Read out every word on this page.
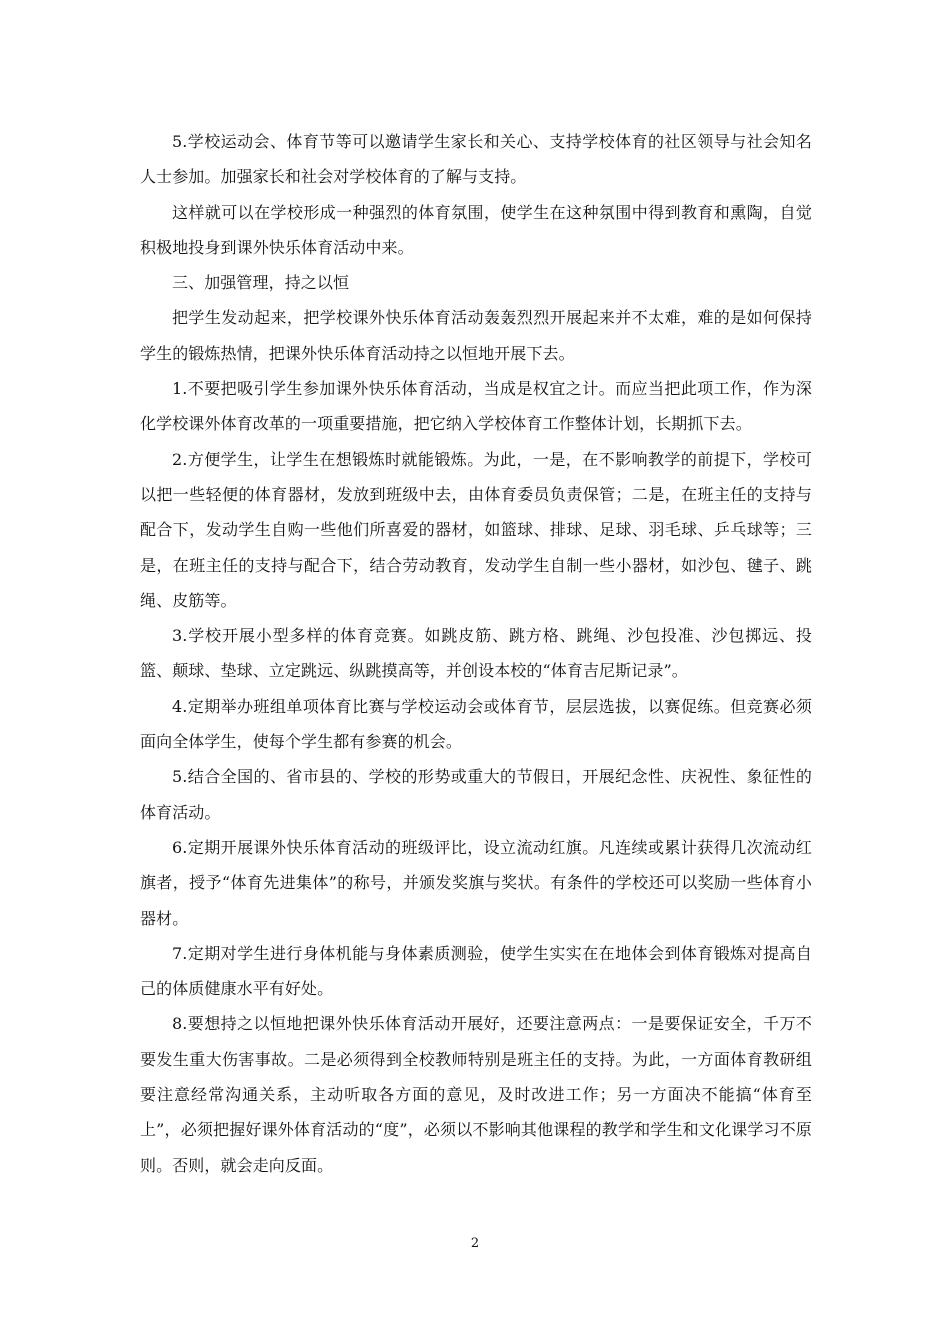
5.学校运动会、体育节等可以邀请学生家长和关心、支持学校体育的社区领导与社会知名人士参加。加强家长和社会对学校体育的了解与支持。

这样就可以在学校形成一种强烈的体育氛围，使学生在这种氛围中得到教育和熏陶，自觉积极地投身到课外快乐体育活动中来。

三、加强管理，持之以恒

把学生发动起来，把学校课外快乐体育活动轰轰烈烈开展起来并不太难，难的是如何保持学生的锻炼热情，把课外快乐体育活动持之以恒地开展下去。

1.不要把吸引学生参加课外快乐体育活动，当成是权宜之计。而应当把此项工作，作为深化学校课外体育改革的一项重要措施，把它纳入学校体育工作整体计划，长期抓下去。

2.方便学生，让学生在想锻炼时就能锻炼。为此，一是，在不影响教学的前提下，学校可以把一些轻便的体育器材，发放到班级中去，由体育委员负责保管；二是，在班主任的支持与配合下，发动学生自购一些他们所喜爱的器材，如篮球、排球、足球、羽毛球、乒乓球等；三是，在班主任的支持与配合下，结合劳动教育，发动学生自制一些小器材，如沙包、毽子、跳绳、皮筋等。

3.学校开展小型多样的体育竞赛。如跳皮筋、跳方格、跳绳、沙包投准、沙包掷远、投篮、颠球、垫球、立定跳远、纵跳摸高等，并创设本校的“体育吉尼斯记录”。

4.定期举办班组单项体育比赛与学校运动会或体育节，层层选拔，以赛促练。但竞赛必须面向全体学生，使每个学生都有参赛的机会。

5.结合全国的、省市县的、学校的形势或重大的节假日，开展纪念性、庆祝性、象征性的体育活动。

6.定期开展课外快乐体育活动的班级评比，设立流动红旗。凡连续或累计获得几次流动红旗者，授予“体育先进集体”的称号，并颁发奖旗与奖状。有条件的学校还可以奖励一些体育小器材。

7.定期对学生进行身体机能与身体素质测验，使学生实实在在地体会到体育锻炼对提高自己的体质健康水平有好处。

8.要想持之以恒地把课外快乐体育活动开展好，还要注意两点：一是要保证安全，千万不要发生重大伤害事故。二是必须得到全校教师特别是班主任的支持。为此，一方面体育教研组要注意经常沟通关系，主动听取各方面的意见，及时改进工作；另一方面决不能搞“体育至上”，必须把握好课外体育活动的“度”，必须以不影响其他课程的教学和学生和文化课学习不原则。否则，就会走向反面。

2
